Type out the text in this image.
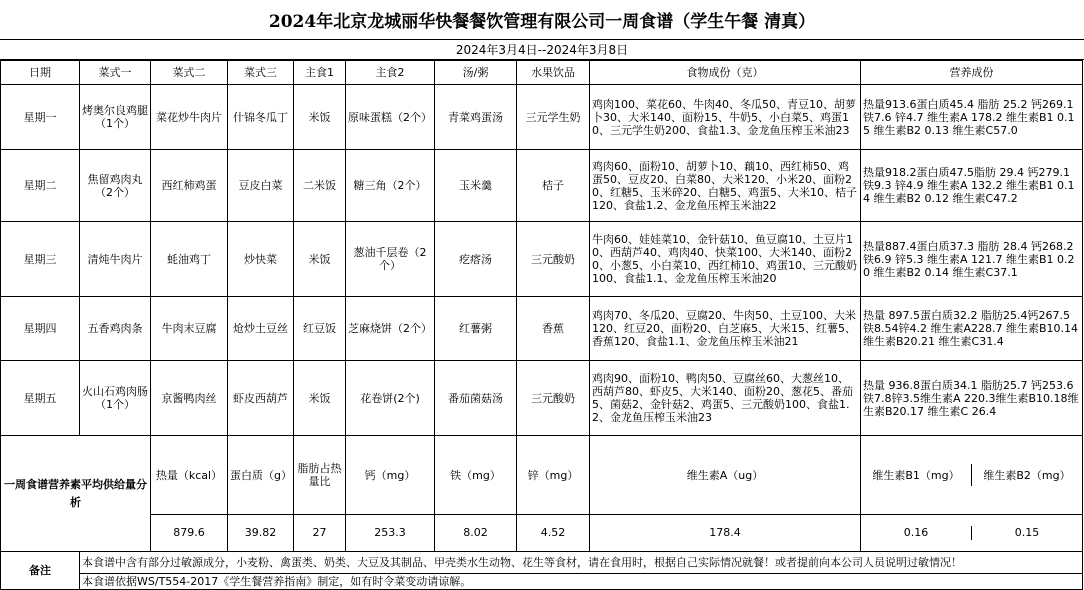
2024年北京龙城丽华快餐餐饮管理有限公司一周食谱（学生午餐 清真）
2024年3月4日--2024年3月8日
日期	菜式一	菜式二	菜式三	主食1	主食2	汤/粥	水果饮品	食物成份（克）	营养成份	
星期一	烤奥尔良鸡腿（1个）	菜花炒牛肉片	什锦冬瓜丁	米饭	原味蛋糕（2个）	青菜鸡蛋汤	三元学生奶	鸡肉100、菜花60、牛肉40、冬瓜50、青豆10、胡萝卜30、大米140、面粉15、牛奶5、小白菜5、鸡蛋10、三元学生奶200、食盐1.3、金龙鱼压榨玉米油23	热量913.6蛋白质45.4 脂肪 25.2 钙269.1 铁7.6 锌4.7 维生素A 178.2 维生素B1 0.15 维生素B2 0.13 维生素C57.0	
星期二	焦留鸡肉丸（2个）	西红柿鸡蛋	豆皮白菜	二米饭	糖三角（2个）	玉米羹	桔子	鸡肉60、面粉10、胡萝卜10、藕10、西红柿50、鸡蛋50、豆皮20、白菜80、大米120、小米20、面粉20、红糖5、玉米碎20、白糖5、鸡蛋5、大米10、桔子120、食盐1.2、金龙鱼压榨玉米油22	热量918.2蛋白质47.5脂肪 29.4 钙279.1 铁9.3 锌4.9 维生素A 132.2 维生素B1 0.14 维生素B2 0.12 维生素C47.2	
星期三	清炖牛肉片	蚝油鸡丁	炒快菜	米饭	葱油千层卷（2个）	疙瘩汤	三元酸奶	牛肉60、娃娃菜10、金针菇10、鱼豆腐10、土豆片10、西葫芦40、鸡肉40、快菜100、大米140、面粉20、小葱5、小白菜10、西红柿10、鸡蛋10、三元酸奶100、食盐1.1、金龙鱼压榨玉米油20	热量887.4蛋白质37.3 脂肪 28.4 钙268.2 铁6.9 锌5.3 维生素A 121.7 维生素B1 0.20 维生素B2 0.14 维生素C37.1	
星期四	五香鸡肉条	牛肉末豆腐	炝炒土豆丝	红豆饭	芝麻烧饼（2个）	红薯粥	香蕉	鸡肉70、冬瓜20、豆腐20、牛肉50、土豆100、大米120、红豆20、面粉20、白芝麻5、大米15、红薯5、香蕉120、食盐1.1、金龙鱼压榨玉米油21	热量 897.5蛋白质32.2 脂肪25.4钙267.5铁8.54锌4.2 维生素A228.7 维生素B10.14 维生素B20.21 维生素C31.4	
星期五	火山石鸡肉肠（1个）	京酱鸭肉丝	虾皮西葫芦	米饭	花卷饼(2个)	番茄菌菇汤	三元酸奶	鸡肉90、面粉10、鸭肉50、豆腐丝60、大葱丝10、西葫芦80、虾皮5、大米140、面粉20、葱花5、番茄5、菌菇2、金针菇2、鸡蛋5、三元酸奶100、食盐1.2、金龙鱼压榨玉米油23	热量 936.8蛋白质34.1 脂肪25.7 钙253.6铁7.8锌3.5维生素A 220.3维生素B10.18维生素B20.17 维生素C 26.4	
一周食谱营养素平均供给量分析		热量（kcal）	蛋白质（g）	脂肪占热量比	钙（mg）	铁（mg）	锌（mg）	维生素A（ug）	维生素B1（mg） 维生素B2（mg）

		879.6	39.82	27	253.3	8.02	4.52	178.4	0.16 0.15

备注	本食谱中含有部分过敏源成分，小麦粉、禽蛋类、奶类、大豆及其制品、甲壳类水生动物、花生等食材，请在食用时，根据自己实际情况就餐！或者提前向本公司人员说明过敏情况！									
	本食谱依据WS/T554-2017《学生餐营养指南》制定，如有时令菜变动请谅解。									
